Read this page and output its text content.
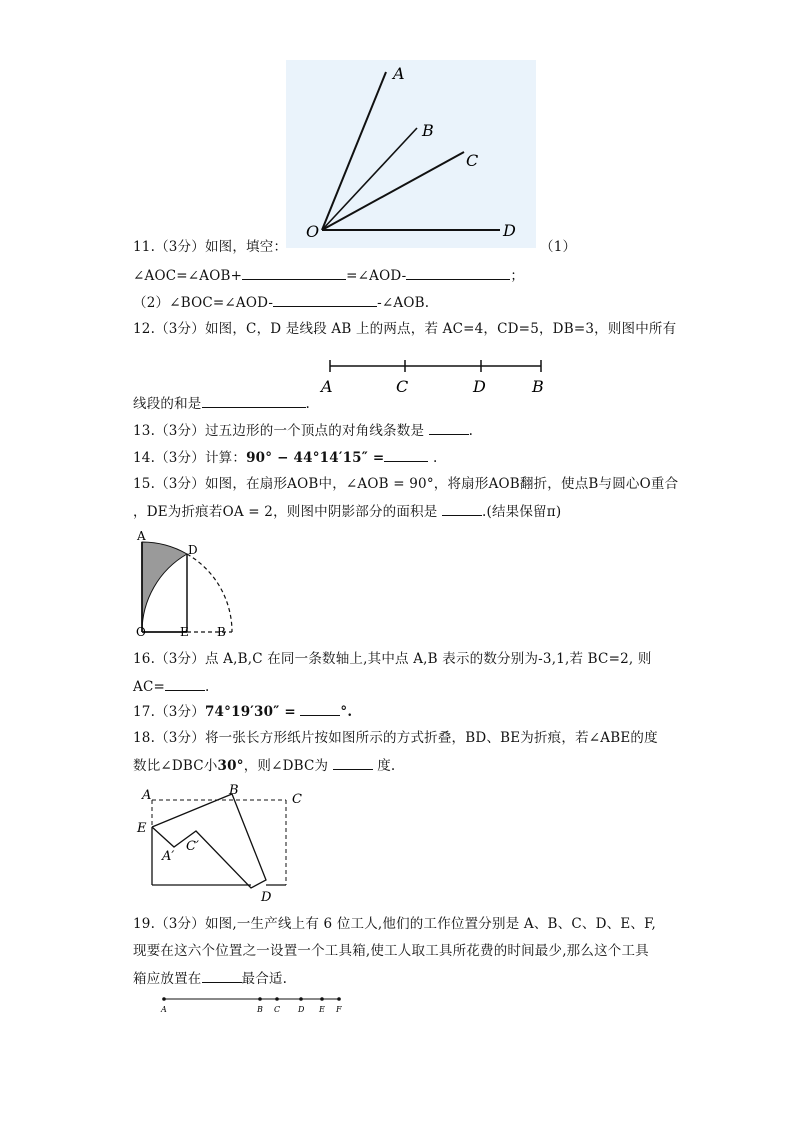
A
B
C
D
O
11.（3分）如图，填空：	（1）
∠AOC=∠AOB+	=∠AOD-	；
（2）∠BOC=∠AOD-	-∠AOB.
12.（3分）如图，C，D 是线段 AB 上的两点，若 AC=4，CD=5，DB=3，则图中所有
A	C	D	B
线段的和是	.
13.（3分）过五边形的一个顶点的对角线条数是	.
14.（3分）计算：90° − 44°14′15″ =	.
15.（3分）如图，在扇形AOB中，∠AOB = 90°，将扇形AOB翻折，使点B与圆心O重合
，DE为折痕若OA = 2，则图中阴影部分的面积是	.(结果保留π)
A
D
O	E B
16.（3分）点 A,B,C 在同一条数轴上,其中点 A,B 表示的数分别为-3,1,若 BC=2, 则
AC=	.
17.（3分）74°19′30″ =	°.
18.（3分）将一张长方形纸片按如图所示的方式折叠，BD、BE为折痕，若∠ABE的度
数比∠DBC小30°，则∠DBC为	度.
A	B
C
E
A′
C′
D
19.（3分）如图,一生产线上有 6 位工人,他们的工作位置分别是 A、B、C、D、E、F,
现要在这六个位置之一设置一个工具箱,使工人取工具所花费的时间最少,那么这个工具
箱应放置在	最合适.
A	B C D E F
